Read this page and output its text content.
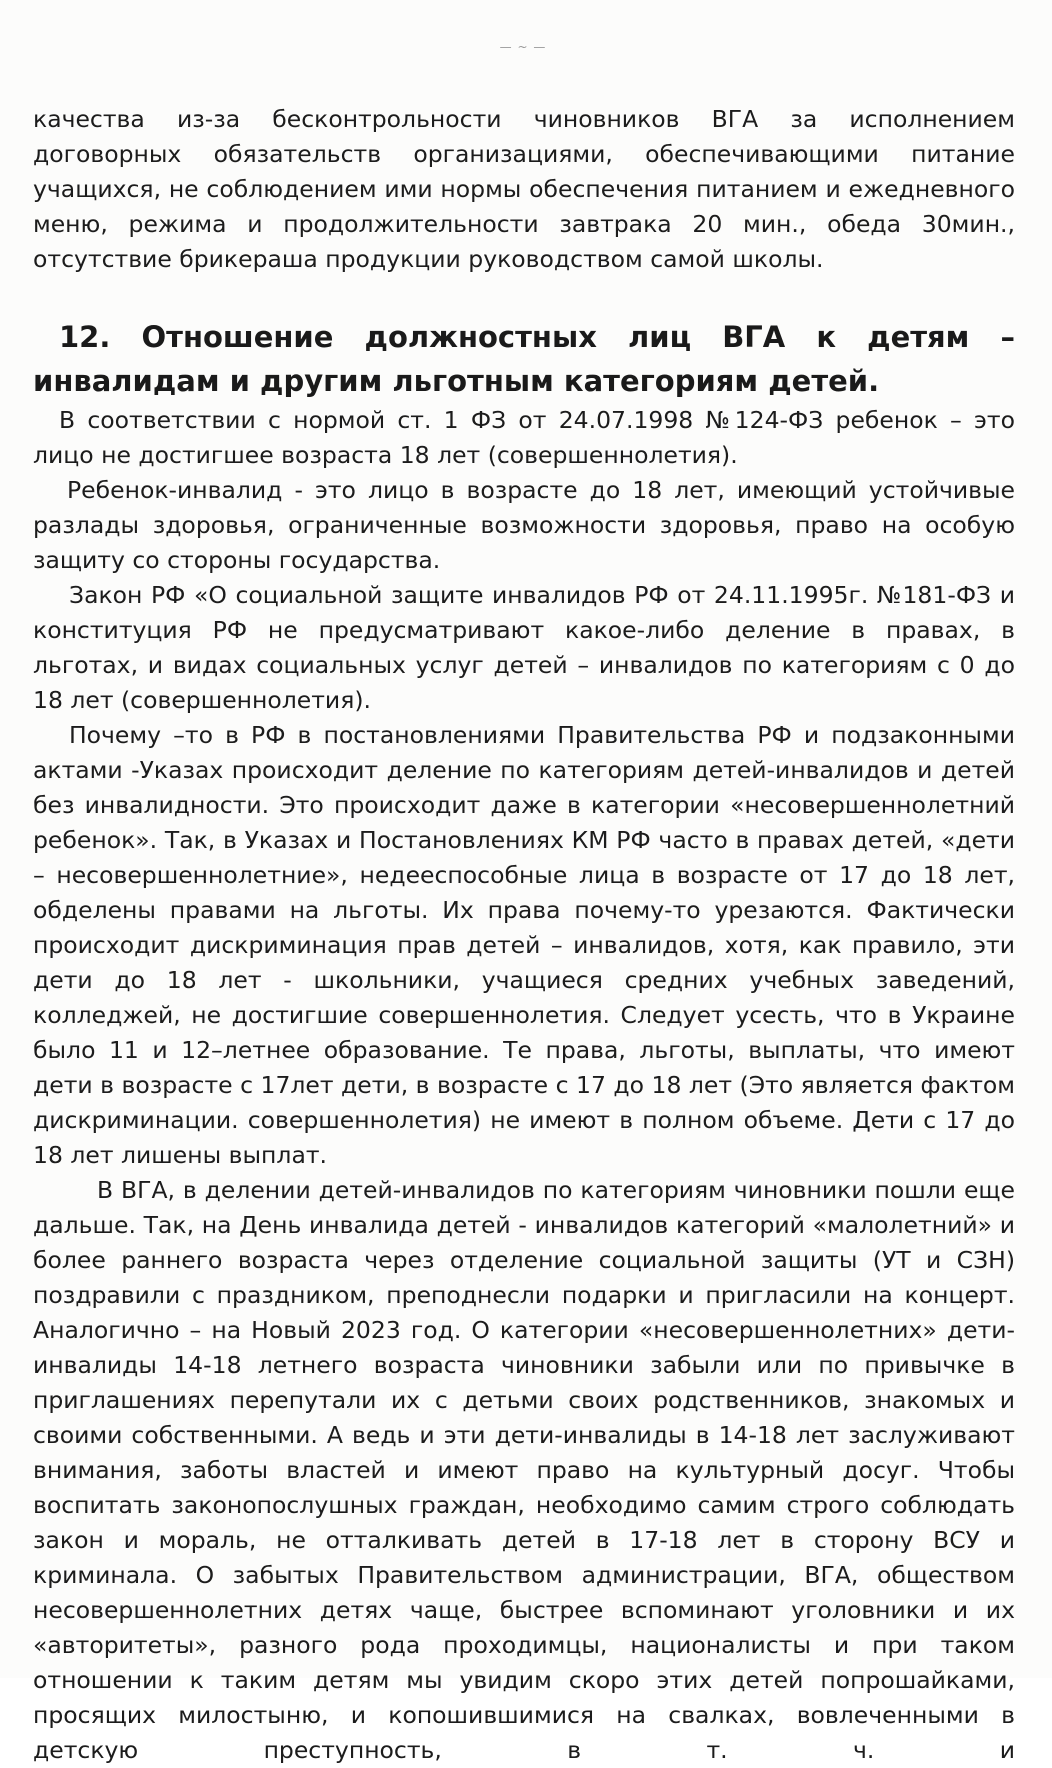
— ~ —

качества из-за бесконтрольности чиновников ВГА за исполнением договорных обязательств организациями, обеспечивающими питание учащихся, не соблюдением ими нормы обеспечения питанием и ежедневного меню, режима и продолжительности завтрака 20 мин., обеда 30мин., отсутствие брикераша продукции руководством самой школы.

12. Отношение должностных лиц ВГА к детям – инвалидам и другим льготным категориям детей.

В соответствии с нормой ст. 1 ФЗ от 24.07.1998 №124-ФЗ ребенок – это лицо не достигшее возраста 18 лет (совершеннолетия).

Ребенок-инвалид - это лицо в возрасте до 18 лет, имеющий устойчивые разлады здоровья, ограниченные возможности здоровья, право на особую защиту со стороны государства.

Закон РФ «О социальной защите инвалидов РФ от 24.11.1995г. №181-ФЗ и конституция РФ не предусматривают какое-либо деление в правах, в льготах, и видах социальных услуг детей – инвалидов по категориям с 0 до 18 лет (совершеннолетия).

Почему –то в РФ в постановлениями Правительства РФ и подзаконными актами -Указах происходит деление по категориям детей-инвалидов и детей без инвалидности. Это происходит даже в категории «несовершеннолетний ребенок». Так, в Указах и Постановлениях КМ РФ часто в правах детей, «дети – несовершеннолетние», недееспособные лица в возрасте от 17 до 18 лет, обделены правами на льготы. Их права почему-то урезаются. Фактически происходит дискриминация прав детей – инвалидов, хотя, как правило, эти дети до 18 лет - школьники, учащиеся средних учебных заведений, колледжей, не достигшие совершеннолетия. Следует усесть, что в Украине было 11 и 12–летнее образование. Те права, льготы, выплаты, что имеют дети в возрасте с 17лет дети, в возрасте с 17 до 18 лет (Это является фактом дискриминации. совершеннолетия) не имеют в полном объеме. Дети с 17 до 18 лет лишены выплат.

В ВГА, в делении детей-инвалидов по категориям чиновники пошли еще дальше. Так, на День инвалида детей - инвалидов категорий «малолетний» и более раннего возраста через отделение социальной защиты (УТ и СЗН) поздравили с праздником, преподнесли подарки и пригласили на концерт. Аналогично – на Новый 2023 год. О категории «несовершеннолетних» дети-инвалиды 14-18 летнего возраста чиновники забыли или по привычке в приглашениях перепутали их с детьми своих родственников, знакомых и своими собственными. А ведь и эти дети-инвалиды в 14-18 лет заслуживают внимания, заботы властей и имеют право на культурный досуг. Чтобы воспитать законопослушных граждан, необходимо самим строго соблюдать закон и мораль, не отталкивать детей в 17-18 лет в сторону ВСУ и криминала. О забытых Правительством администрации, ВГА, обществом несовершеннолетних детях чаще, быстрее вспоминают уголовники и их «авторитеты», разного рода проходимцы, националисты и при таком отношении к таким детям мы увидим скоро этих детей попрошайками, просящих милостыню, и копошившимися на свалках, вовлеченными в детскую преступность, в т. ч. и
